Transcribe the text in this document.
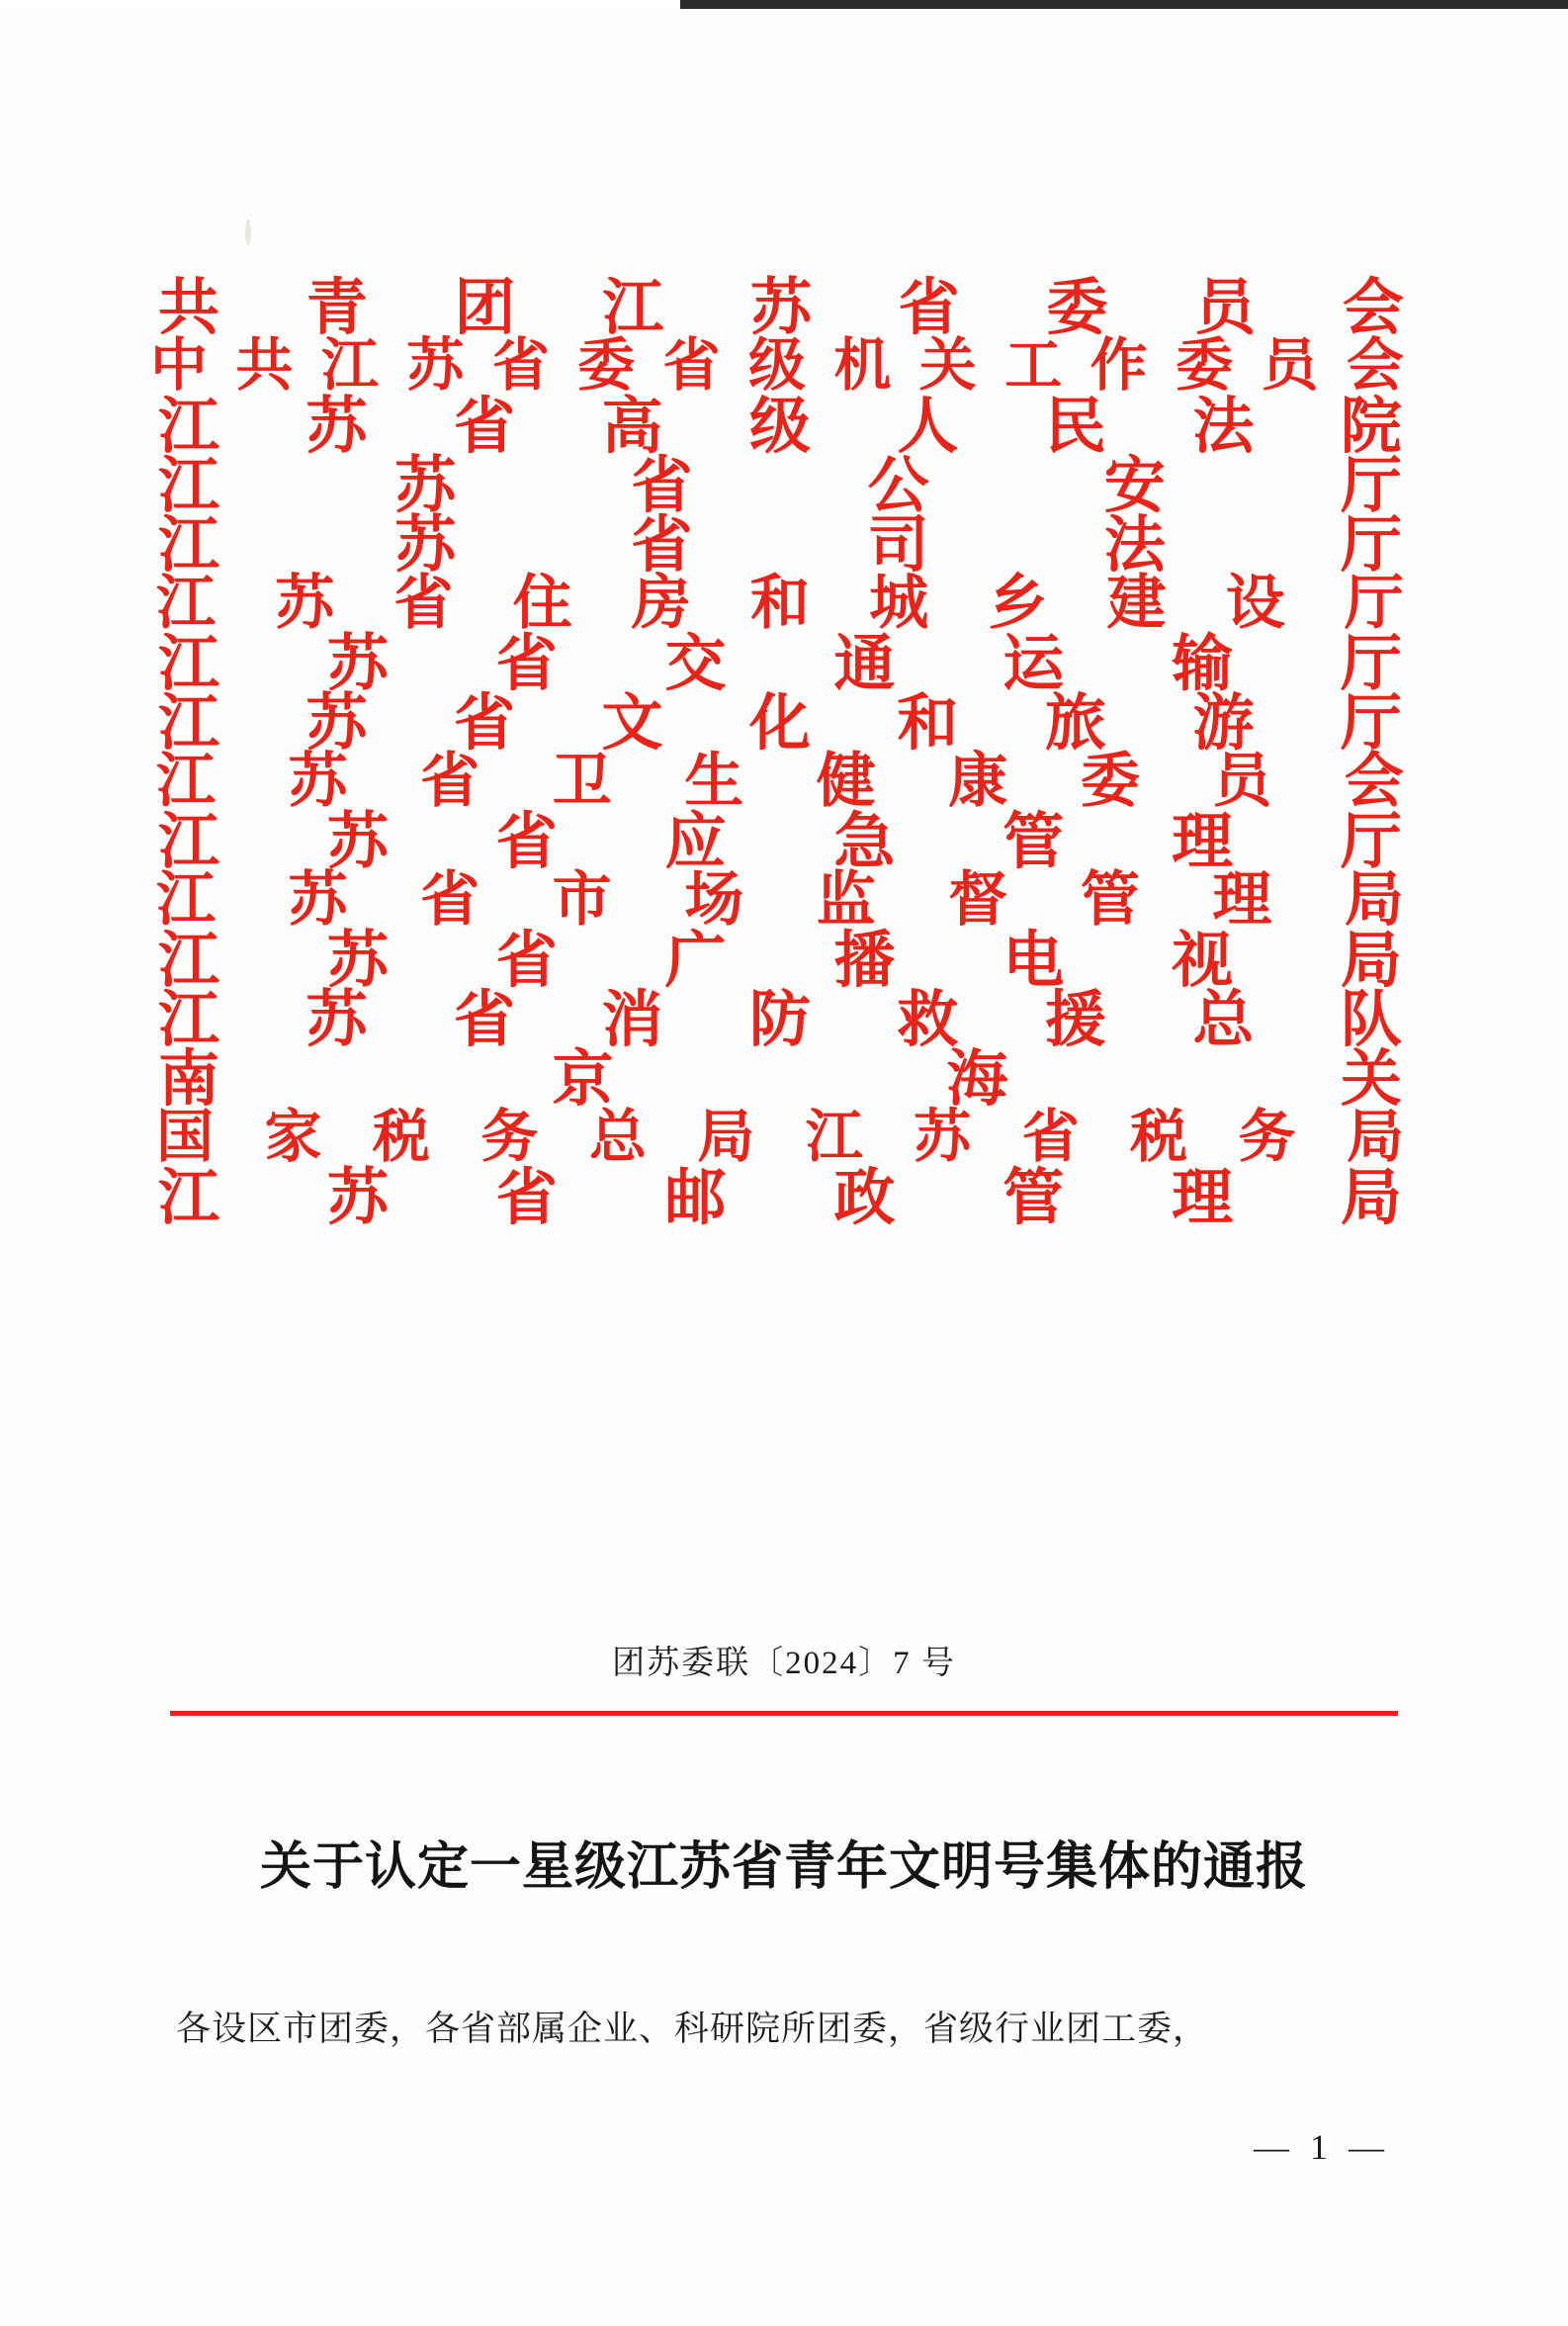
共 青 团 江 苏 省 委 员 会
中 共 江 苏 省 委 省 级 机 关 工 作 委 员 会
江 苏 省 高 级 人 民 法 院
江	苏	省	公	安	厅
江	苏	省	司	法	厅
江 苏 省 住 房 和 城 乡 建 设 厅
江 苏 省 交 通 运 输 厅
江 苏 省 文 化 和 旅 游 厅
江 苏 省 卫 生 健 康 委 员 会
江 苏 省 应 急 管 理 厅
江 苏 省 市 场 监 督 管 理 局
江 苏 省 广 播 电 视 局
江 苏 省 消 防 救 援 总 队
南	京	海	关
国 家 税 务 总 局 江 苏 省 税 务 局
江 苏 省 邮 政 管 理 局
团苏委联〔2024〕7 号
关于认定一星级江苏省青年文明号集体的通报
各设区市团委，各省部属企业、科研院所团委，省级行业团工委，
— 1 —
